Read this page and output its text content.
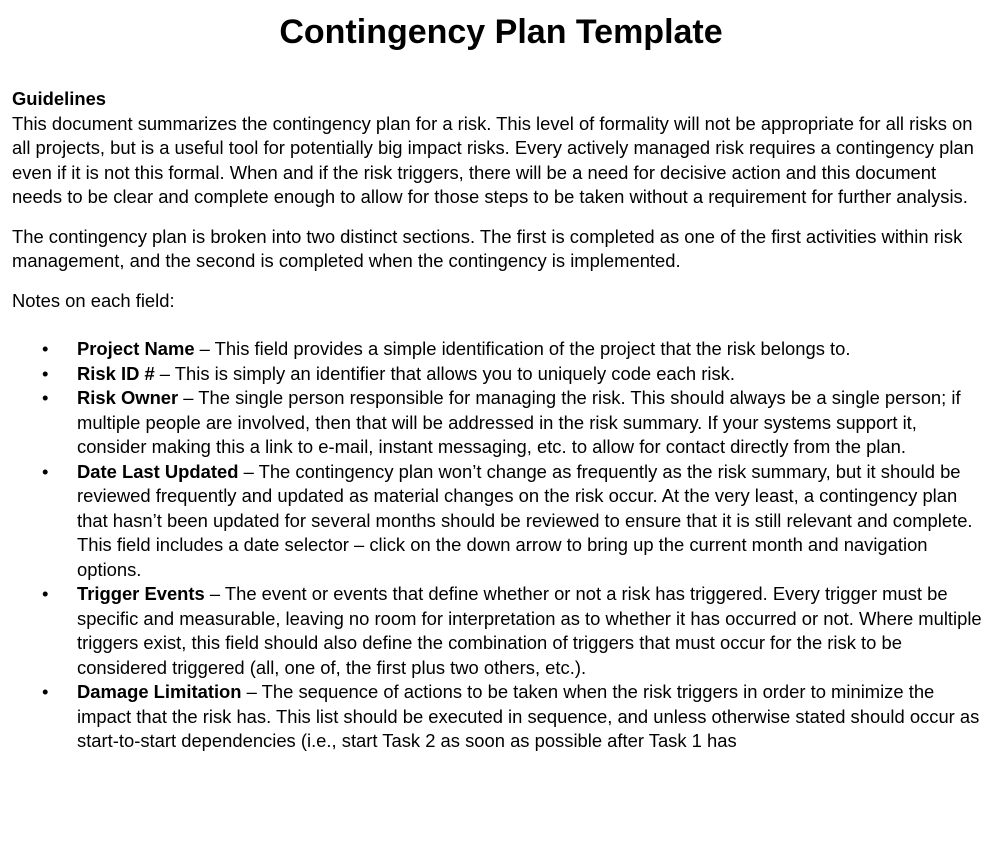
Contingency Plan Template
Guidelines

This document summarizes the contingency plan for a risk. This level of formality will not be appropriate for all risks on all projects, but is a useful tool for potentially big impact risks. Every actively managed risk requires a contingency plan even if it is not this formal. When and if the risk triggers, there will be a need for decisive action and this document needs to be clear and complete enough to allow for those steps to be taken without a requirement for further analysis.

The contingency plan is broken into two distinct sections. The first is completed as one of the first activities within risk management, and the second is completed when the contingency is implemented.

Notes on each field:

• Project Name – This field provides a simple identification of the project that the risk belongs to.
• Risk ID # – This is simply an identifier that allows you to uniquely code each risk.
• Risk Owner – The single person responsible for managing the risk. This should always be a single person; if multiple people are involved, then that will be addressed in the risk summary. If your systems support it, consider making this a link to e-mail, instant messaging, etc. to allow for contact directly from the plan.
• Date Last Updated – The contingency plan won’t change as frequently as the risk summary, but it should be reviewed frequently and updated as material changes on the risk occur. At the very least, a contingency plan that hasn’t been updated for several months should be reviewed to ensure that it is still relevant and complete. This field includes a date selector – click on the down arrow to bring up the current month and navigation options.
• Trigger Events – The event or events that define whether or not a risk has triggered. Every trigger must be specific and measurable, leaving no room for interpretation as to whether it has occurred or not. Where multiple triggers exist, this field should also define the combination of triggers that must occur for the risk to be considered triggered (all, one of, the first plus two others, etc.).
• Damage Limitation – The sequence of actions to be taken when the risk triggers in order to minimize the impact that the risk has. This list should be executed in sequence, and unless otherwise stated should occur as start-to-start dependencies (i.e., start Task 2 as soon as possible after Task 1 has
